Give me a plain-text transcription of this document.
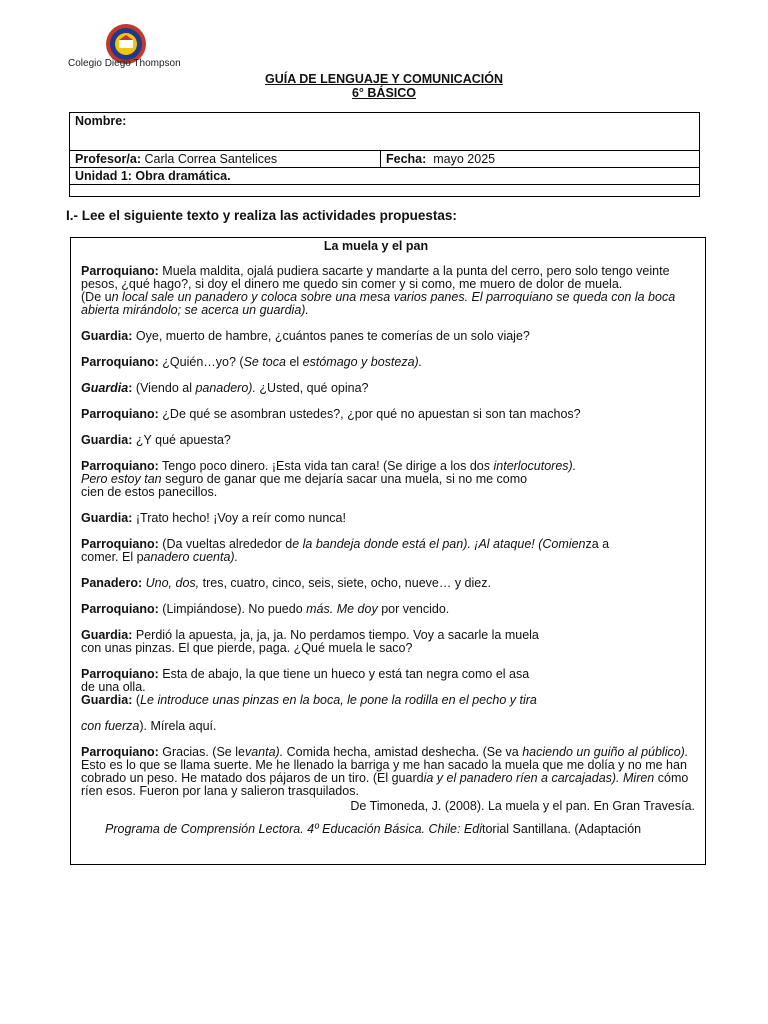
Colegio Diego Thompson
GUÍA DE LENGUAJE Y COMUNICACIÓN
6° BÁSICO
Nombre:
Profesor/a: Carla Correa Santelices	Fecha: mayo 2025
Unidad 1: Obra dramática.

I.- Lee el siguiente texto y realiza las actividades propuestas:

La muela y el pan

Parroquiano: Muela maldita, ojalá pudiera sacarte y mandarte a la punta del cerro, pero solo tengo veinte pesos, ¿qué hago?, si doy el dinero me quedo sin comer y si como, me muero de dolor de muela.
(De un local sale un panadero y coloca sobre una mesa varios panes. El parroquiano se queda con la boca abierta mirándolo; se acerca un guardia).

Guardia: Oye, muerto de hambre, ¿cuántos panes te comerías de un solo viaje?

Parroquiano: ¿Quién…yo? (Se toca el estómago y bosteza).

Guardia: (Viendo al panadero). ¿Usted, qué opina?

Parroquiano: ¿De qué se asombran ustedes?, ¿por qué no apuestan si son tan machos?

Guardia: ¿Y qué apuesta?

Parroquiano: Tengo poco dinero. ¡Esta vida tan cara! (Se dirige a los dos interlocutores).
Pero estoy tan seguro de ganar que me dejaría sacar una muela, si no me como
cien de estos panecillos.

Guardia: ¡Trato hecho! ¡Voy a reír como nunca!

Parroquiano: (Da vueltas alrededor de la bandeja donde está el pan). ¡Al ataque! (Comienza a
comer. El panadero cuenta).

Panadero: Uno, dos, tres, cuatro, cinco, seis, siete, ocho, nueve… y diez.

Parroquiano: (Limpiándose). No puedo más. Me doy por vencido.

Guardia: Perdió la apuesta, ja, ja, ja. No perdamos tiempo. Voy a sacarle la muela
con unas pinzas. El que pierde, paga. ¿Qué muela le saco?

Parroquiano: Esta de abajo, la que tiene un hueco y está tan negra como el asa
de una olla.

Guardia: (Le introduce unas pinzas en la boca, le pone la rodilla en el pecho y tira
con fuerza). Mírela aquí.

Parroquiano: Gracias. (Se levanta). Comida hecha, amistad deshecha. (Se va haciendo un guiño al público). Esto es lo que se llama suerte. Me he llenado la barriga y me han sacado la muela que me dolía y no me han cobrado un peso. He matado dos pájaros de un tiro. (El guardia y el panadero ríen a carcajadas). Miren cómo ríen esos. Fueron por lana y salieron trasquilados.

De Timoneda, J. (2008). La muela y el pan. En Gran Travesía.

Programa de Comprensión Lectora. 4º Educación Básica. Chile: Editorial Santillana. (Adaptación
